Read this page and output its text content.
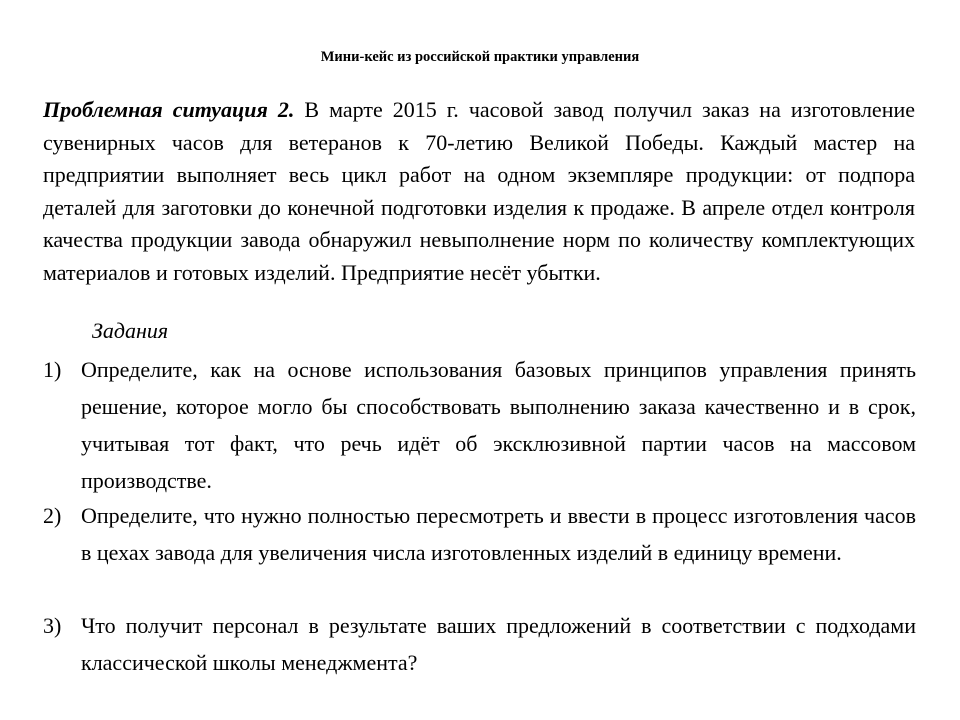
Мини-кейс из российской практики управления

Проблемная ситуация 2. В марте 2015 г. часовой завод получил заказ на изготовление сувенирных часов для ветеранов к 70-летию Великой Победы. Каждый мастер на предприятии выполняет весь цикл работ на одном экземпляре продукции: от подпора деталей для заготовки до конечной подготовки изделия к продаже. В апреле отдел контроля качества продукции завода обнаружил невыполнение норм по количеству комплектующих материалов и готовых изделий. Предприятие несёт убытки.

Задания

1) Определите, как на основе использования базовых принципов управления принять решение, которое могло бы способствовать выполнению заказа качественно и в срок, учитывая тот факт, что речь идёт об эксклюзивной партии часов на массовом производстве.
2) Определите, что нужно полностью пересмотреть и ввести в процесс изготовления часов в цехах завода для увеличения числа изготовленных изделий в единицу времени.
3) Что получит персонал в результате ваших предложений в соответствии с подходами классической школы менеджмента?
